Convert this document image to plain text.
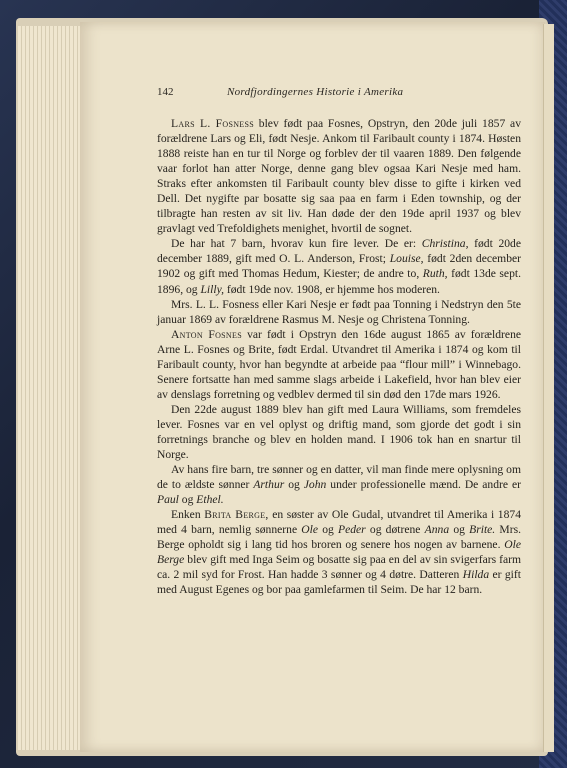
142	Nordfjordingernes Historie i Amerika

Lars L. Fosness blev født paa Fosnes, Opstryn, den 20de juli 1857 av forældrene Lars og Eli, født Nesje. Ankom til Faribault county i 1874. Høsten 1888 reiste han en tur til Norge og forblev der til vaaren 1889. Den følgende vaar forlot han atter Norge, denne gang blev ogsaa Kari Nesje med ham. Straks efter ankomsten til Faribault county blev disse to gifte i kirken ved Dell. Det nygifte par bosatte sig saa paa en farm i Eden township, og der tilbragte han resten av sit liv. Han døde der den 19de april 1937 og blev gravlagt ved Trefoldighets menighet, hvortil de sognet.

De har hat 7 barn, hvorav kun fire lever. De er: Christina, født 20de december 1889, gift med O. L. Anderson, Frost; Louise, født 2den december 1902 og gift med Thomas Hedum, Kiester; de andre to, Ruth, født 13de sept. 1896, og Lilly, født 19de nov. 1908, er hjemme hos moderen.

Mrs. L. L. Fosness eller Kari Nesje er født paa Tonning i Nedstryn den 5te januar 1869 av forældrene Rasmus M. Nesje og Christena Tonning.

Anton Fosnes var født i Opstryn den 16de august 1865 av forældrene Arne L. Fosnes og Brite, født Erdal. Utvandret til Amerika i 1874 og kom til Faribault county, hvor han begyndte at arbeide paa “flour mill” i Winnebago. Senere fortsatte han med samme slags arbeide i Lakefield, hvor han blev eier av denslags forretning og vedblev dermed til sin død den 17de mars 1926.

Den 22de august 1889 blev han gift med Laura Williams, som fremdeles lever. Fosnes var en vel oplyst og driftig mand, som gjorde det godt i sin forretnings branche og blev en holden mand. I 1906 tok han en snartur til Norge.

Av hans fire barn, tre sønner og en datter, vil man finde mere oplysning om de to ældste sønner Arthur og John under professionelle mænd. De andre er Paul og Ethel.

Enken Brita Berge, en søster av Ole Gudal, utvandret til Amerika i 1874 med 4 barn, nemlig sønnerne Ole og Peder og døtrene Anna og Brite. Mrs. Berge opholdt sig i lang tid hos broren og senere hos nogen av barnene. Ole Berge blev gift med Inga Seim og bosatte sig paa en del av sin svigerfars farm ca. 2 mil syd for Frost. Han hadde 3 sønner og 4 døtre. Datteren Hilda er gift med August Egenes og bor paa gamlefarmen til Seim. De har 12 barn.
